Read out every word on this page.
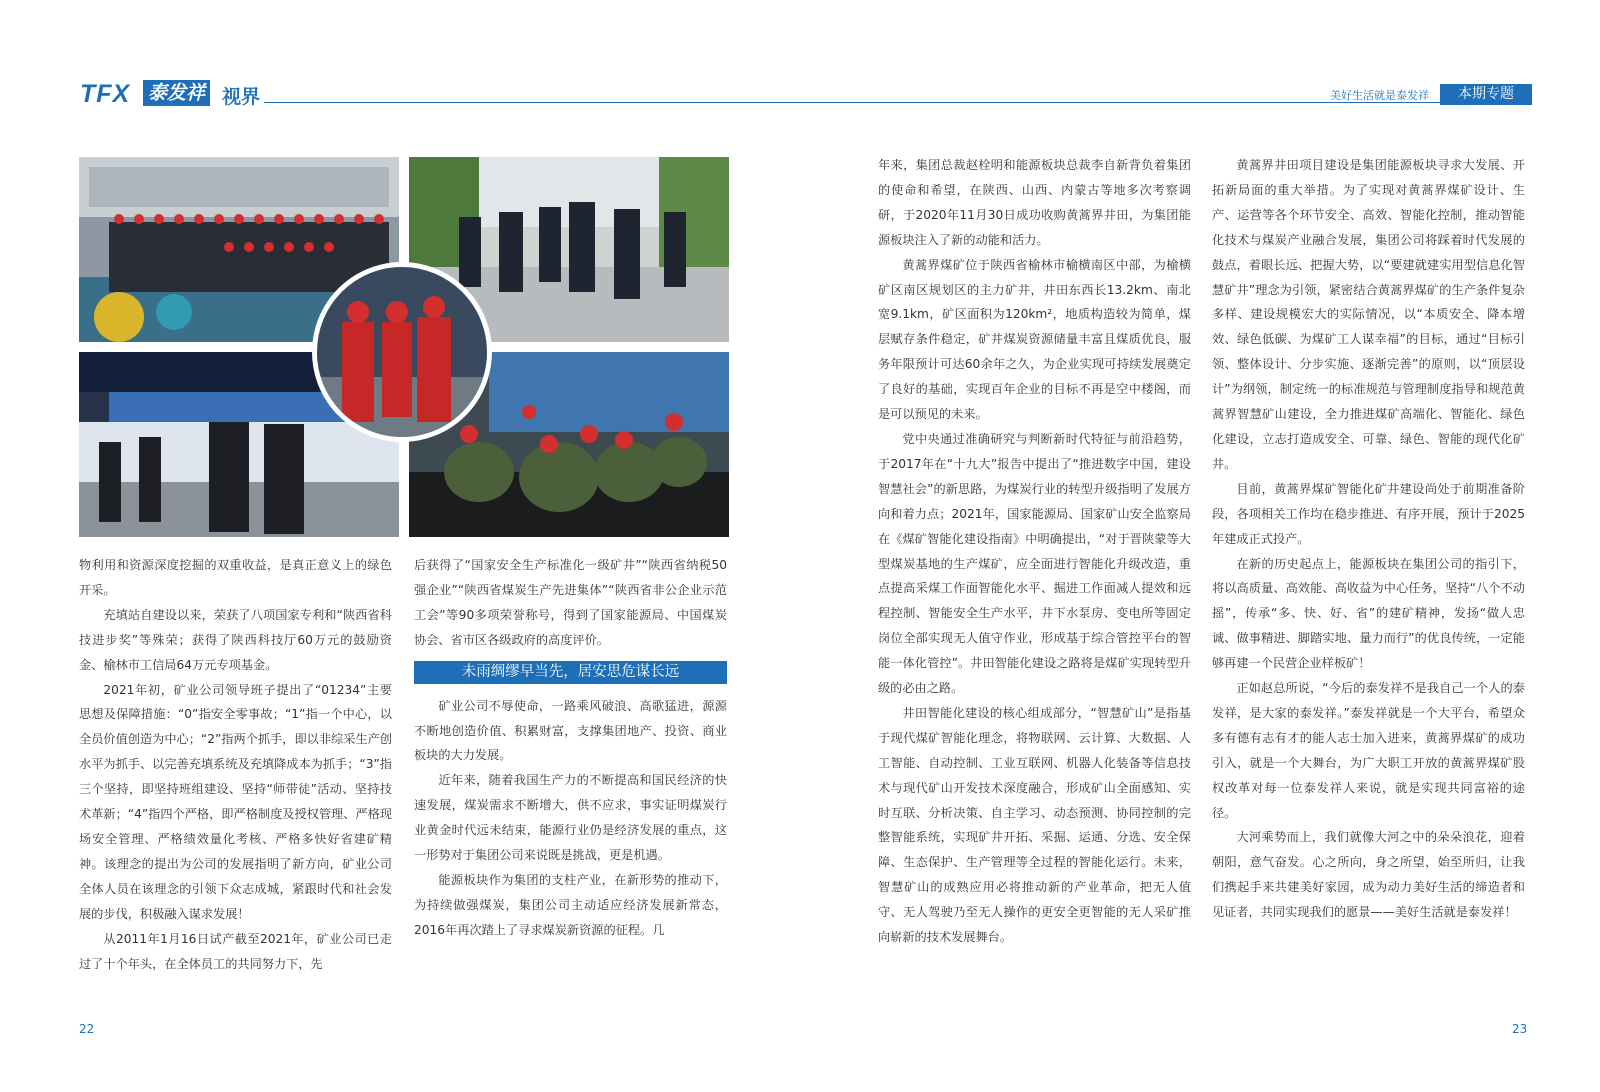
TFX 泰发祥 视界	美好生活就是泰发祥	本期专题

物利用和资源深度挖掘的双重收益，是真正意义上的绿色开采。

充填站自建设以来，荣获了八项国家专利和“陕西省科技进步奖”等殊荣；获得了陕西科技厅60万元的鼓励资金、榆林市工信局64万元专项基金。

2021年初，矿业公司领导班子提出了“01234”主要思想及保障措施：“0”指安全零事故；“1”指一个中心，以全员价值创造为中心；“2”指两个抓手，即以非综采生产创水平为抓手、以完善充填系统及充填降成本为抓手；“3”指三个坚持，即坚持班组建设、坚持“师带徒”活动、坚持技术革新；“4”指四个严格，即严格制度及授权管理、严格现场安全管理、严格绩效量化考核、严格多快好省建矿精神。该理念的提出为公司的发展指明了新方向，矿业公司全体人员在该理念的引领下众志成城，紧跟时代和社会发展的步伐，积极融入谋求发展！

从2011年1月16日试产截至2021年，矿业公司已走过了十个年头，在全体员工的共同努力下，先

后获得了“国家安全生产标准化一级矿井”“陕西省纳税50强企业”“陕西省煤炭生产先进集体”“陕西省非公企业示范工会”等90多项荣誉称号，得到了国家能源局、中国煤炭协会、省市区各级政府的高度评价。

未雨绸缪早当先，居安思危谋长远

矿业公司不辱使命，一路乘风破浪、高歌猛进，源源不断地创造价值、积累财富，支撑集团地产、投资、商业板块的大力发展。

近年来，随着我国生产力的不断提高和国民经济的快速发展，煤炭需求不断增大，供不应求，事实证明煤炭行业黄金时代远未结束，能源行业仍是经济发展的重点，这一形势对于集团公司来说既是挑战，更是机遇。

能源板块作为集团的支柱产业，在新形势的推动下，为持续做强煤炭，集团公司主动适应经济发展新常态，2016年再次踏上了寻求煤炭新资源的征程。几

年来，集团总裁赵栓明和能源板块总裁李自新背负着集团的使命和希望，在陕西、山西、内蒙古等地多次考察调研，于2020年11月30日成功收购黄蒿界井田，为集团能源板块注入了新的动能和活力。

黄蒿界煤矿位于陕西省榆林市榆横南区中部，为榆横矿区南区规划区的主力矿井，井田东西长13.2km、南北宽9.1km，矿区面积为120km²，地质构造较为简单，煤层赋存条件稳定，矿井煤炭资源储量丰富且煤质优良，服务年限预计可达60余年之久，为企业实现可持续发展奠定了良好的基础，实现百年企业的目标不再是空中楼阁，而是可以预见的未来。

党中央通过准确研究与判断新时代特征与前沿趋势，于2017年在“十九大”报告中提出了“推进数字中国，建设智慧社会”的新思路，为煤炭行业的转型升级指明了发展方向和着力点；2021年，国家能源局、国家矿山安全监察局在《煤矿智能化建设指南》中明确提出，“对于晋陕蒙等大型煤炭基地的生产煤矿，应全面进行智能化升级改造，重点提高采煤工作面智能化水平、掘进工作面减人提效和远程控制、智能安全生产水平，井下水泵房、变电所等固定岗位全部实现无人值守作业，形成基于综合管控平台的智能一体化管控”。井田智能化建设之路将是煤矿实现转型升级的必由之路。

井田智能化建设的核心组成部分，“智慧矿山”是指基于现代煤矿智能化理念，将物联网、云计算、大数据、人工智能、自动控制、工业互联网、机器人化装备等信息技术与现代矿山开发技术深度融合，形成矿山全面感知、实时互联、分析决策、自主学习、动态预测、协同控制的完整智能系统，实现矿井开拓、采掘、运通、分选、安全保障、生态保护、生产管理等全过程的智能化运行。未来，智慧矿山的成熟应用必将推动新的产业革命，把无人值守、无人驾驶乃至无人操作的更安全更智能的无人采矿推向崭新的技术发展舞台。

黄蒿界井田项目建设是集团能源板块寻求大发展、开拓新局面的重大举措。为了实现对黄蒿界煤矿设计、生产、运营等各个环节安全、高效、智能化控制，推动智能化技术与煤炭产业融合发展，集团公司将踩着时代发展的鼓点，着眼长远、把握大势，以“要建就建实用型信息化智慧矿井”理念为引领，紧密结合黄蒿界煤矿的生产条件复杂多样、建设规模宏大的实际情况，以“本质安全、降本增效、绿色低碳、为煤矿工人谋幸福”的目标，通过“目标引领、整体设计、分步实施、逐渐完善”的原则，以“顶层设计”为纲领，制定统一的标准规范与管理制度指导和规范黄蒿界智慧矿山建设，全力推进煤矿高端化、智能化、绿色化建设，立志打造成安全、可靠、绿色、智能的现代化矿井。

目前，黄蒿界煤矿智能化矿井建设尚处于前期准备阶段，各项相关工作均在稳步推进、有序开展，预计于2025年建成正式投产。

在新的历史起点上，能源板块在集团公司的指引下，将以高质量、高效能、高收益为中心任务，坚持“八个不动摇”，传承“多、快、好、省”的建矿精神，发扬“做人忠诚、做事精进、脚踏实地、量力而行”的优良传统，一定能够再建一个民营企业样板矿！

正如赵总所说，“今后的泰发祥不是我自己一个人的泰发祥，是大家的泰发祥。”泰发祥就是一个大平台，希望众多有德有志有才的能人志士加入进来，黄蒿界煤矿的成功引入，就是一个大舞台，为广大职工开放的黄蒿界煤矿股权改革对每一位泰发祥人来说，就是实现共同富裕的途径。

大河乘势而上，我们就像大河之中的朵朵浪花，迎着朝阳，意气奋发。心之所向，身之所望，始至所归，让我们携起手来共建美好家园，成为动力美好生活的缔造者和见证者，共同实现我们的愿景——美好生活就是泰发祥！

22	23
